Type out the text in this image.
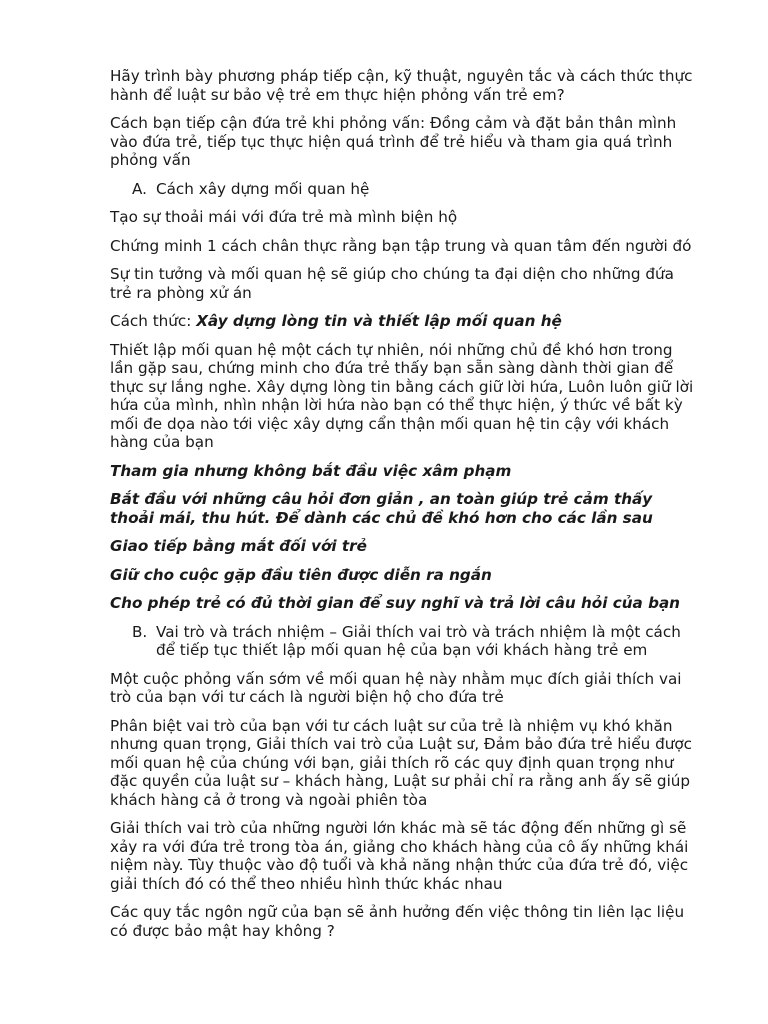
Hãy trình bày phương pháp tiếp cận, kỹ thuật, nguyên tắc và cách thức thực hành để luật sư bảo vệ trẻ em thực hiện phỏng vấn trẻ em?

Cách bạn tiếp cận đứa trẻ khi phỏng vấn: Đồng cảm và đặt bản thân mình vào đứa trẻ, tiếp tục thực hiện quá trình để trẻ hiểu và tham gia quá trình phỏng vấn

A. Cách xây dựng mối quan hệ

Tạo sự thoải mái với đứa trẻ mà mình biện hộ

Chứng minh 1 cách chân thực rằng bạn tập trung và quan tâm đến người đó

Sự tin tưởng và mối quan hệ sẽ giúp cho chúng ta đại diện cho những đứa trẻ ra phòng xử án

Cách thức: Xây dựng lòng tin và thiết lập mối quan hệ

Thiết lập mối quan hệ một cách tự nhiên, nói những chủ đề khó hơn trong lần gặp sau, chứng minh cho đứa trẻ thấy bạn sẵn sàng dành thời gian để thực sự lắng nghe. Xây dựng lòng tin bằng cách giữ lời hứa, Luôn luôn giữ lời hứa của mình, nhìn nhận lời hứa nào bạn có thể thực hiện, ý thức về bất kỳ mối đe dọa nào tới việc xây dựng cẩn thận mối quan hệ tin cậy với khách hàng của bạn

Tham gia nhưng không bắt đầu việc xâm phạm

Bắt đầu với những câu hỏi đơn giản , an toàn giúp trẻ cảm thấy thoải mái, thu hút. Để dành các chủ đề khó hơn cho các lần sau

Giao tiếp bằng mắt đối với trẻ

Giữ cho cuộc gặp đầu tiên được diễn ra ngắn

Cho phép trẻ có đủ thời gian để suy nghĩ và trả lời câu hỏi của bạn

B. Vai trò và trách nhiệm – Giải thích vai trò và trách nhiệm là một cách để tiếp tục thiết lập mối quan hệ của bạn với khách hàng trẻ em

Một cuộc phỏng vấn sớm về mối quan hệ này nhằm mục đích giải thích vai trò của bạn với tư cách là người biện hộ cho đứa trẻ

Phân biệt vai trò của bạn với tư cách luật sư của trẻ là nhiệm vụ khó khăn nhưng quan trọng, Giải thích vai trò của Luật sư, Đảm bảo đứa trẻ hiểu được mối quan hệ của chúng với bạn, giải thích rõ các quy định quan trọng như đặc quyền của luật sư – khách hàng, Luật sư phải chỉ ra rằng anh ấy sẽ giúp khách hàng cả ở trong và ngoài phiên tòa

Giải thích vai trò của những người lớn khác mà sẽ tác động đến những gì sẽ xảy ra với đứa trẻ trong tòa án, giảng cho khách hàng của cô ấy những khái niệm này. Tùy thuộc vào độ tuổi và khả năng nhận thức của đứa trẻ đó, việc giải thích đó có thể theo nhiều hình thức khác nhau

Các quy tắc ngôn ngữ của bạn sẽ ảnh hưởng đến việc thông tin liên lạc liệu có được bảo mật hay không ?
